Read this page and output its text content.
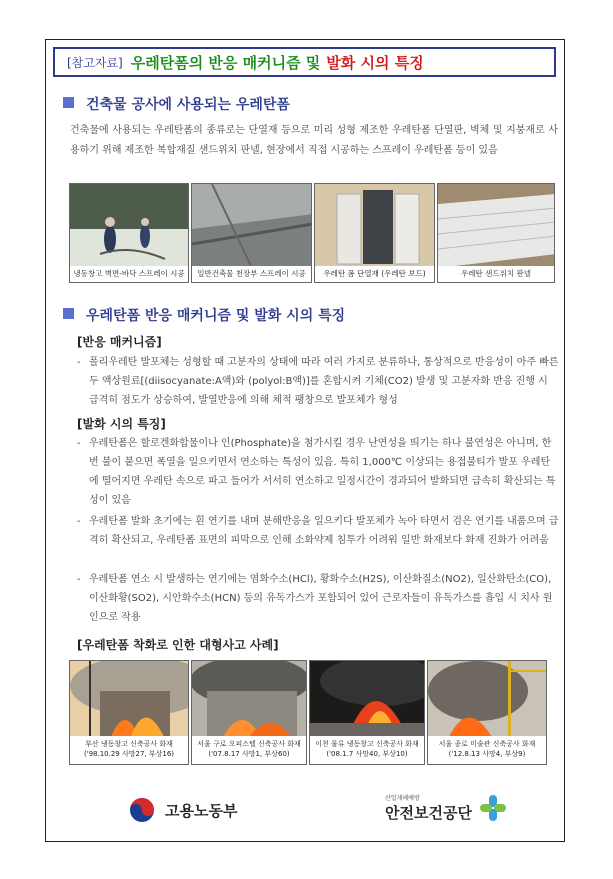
[참고자료] 우레탄폼의 반응 매커니즘 및 발화 시의 특징
건축물 공사에 사용되는 우레탄폼
건축물에 사용되는 우레탄폼의 종류로는 단열재 등으로 미리 성형 제조한 우레탄폼 단열판, 벽체 및 지붕재로 사용하기 위해 제조한 복합재질 샌드위치 판넬, 현장에서 직접 시공하는 스프레이 우레탄폼 등이 있음
냉동창고 벽면-바닥 스프레이 시공	일반건축물 천장부 스프레이 시공	우레탄 폼 단열재 (우레탄 보드)	우레탄 샌드위치 판넬
우레탄폼 반응 매커니즘 및 발화 시의 특징
[반응 매커니즘]
- 폴리우레탄 발포체는 성형할 때 고분자의 상태에 따라 여러 가지로 분류하나, 통상적으로 반응성이 아주 빠른 두 액상원료[(diisocyanate:A액)와 (polyol:B액)]를 혼합시켜 기체(CO2) 발생 및 고분자화 반응 진행 시 급격히 점도가 상승하여, 발열반응에 의해 체적 팽창으로 발포체가 형성
[발화 시의 특징]
- 우레탄폼은 할로겐화합물이나 인(Phosphate)을 첨가시킬 경우 난연성을 띄기는 하나 불연성은 아니며, 한번 불이 붙으면 폭열을 일으키면서 연소하는 특성이 있음. 특히 1,000℃ 이상되는 용접불티가 발포 우레탄에 떨어지면 우레탄 속으로 파고 들어가 서서히 연소하고 일정시간이 경과되어 발화되면 급속히 확산되는 특성이 있음
- 우레탄폼 발화 초기에는 흰 연기를 내며 분해반응을 일으키다 발포체가 녹아 타면서 검은 연기를 내품으며 급격히 확산되고, 우레탄폼 표면의 피막으로 인해 소화약제 침투가 어려워 일반 화재보다 화재 진화가 어려움
- 우레탄폼 연소 시 발생하는 연기에는 염화수소(HCl), 황화수소(H2S), 이산화질소(NO2), 일산화탄소(CO), 이산화황(SO2), 시안화수소(HCN) 등의 유독가스가 포함되어 있어 근로자들이 유독가스를 흡입 시 치사 원인으로 작용
[우레탄폼 착화로 인한 대형사고 사례]
부산 냉동창고 신축공사 화재
('98.10.29 사망27, 부상16)
서울 구로 오피스텔 신축공사 화재
('07.8.17 사망1, 부상60)
이천 물류 냉동창고 신축공사 화재
('08.1.7 사망40, 부상10)
서울 종로 미술관 신축공사 화재
('12.8.13 사망4, 부상9)
고용노동부
산업재해예방
안전보건공단
